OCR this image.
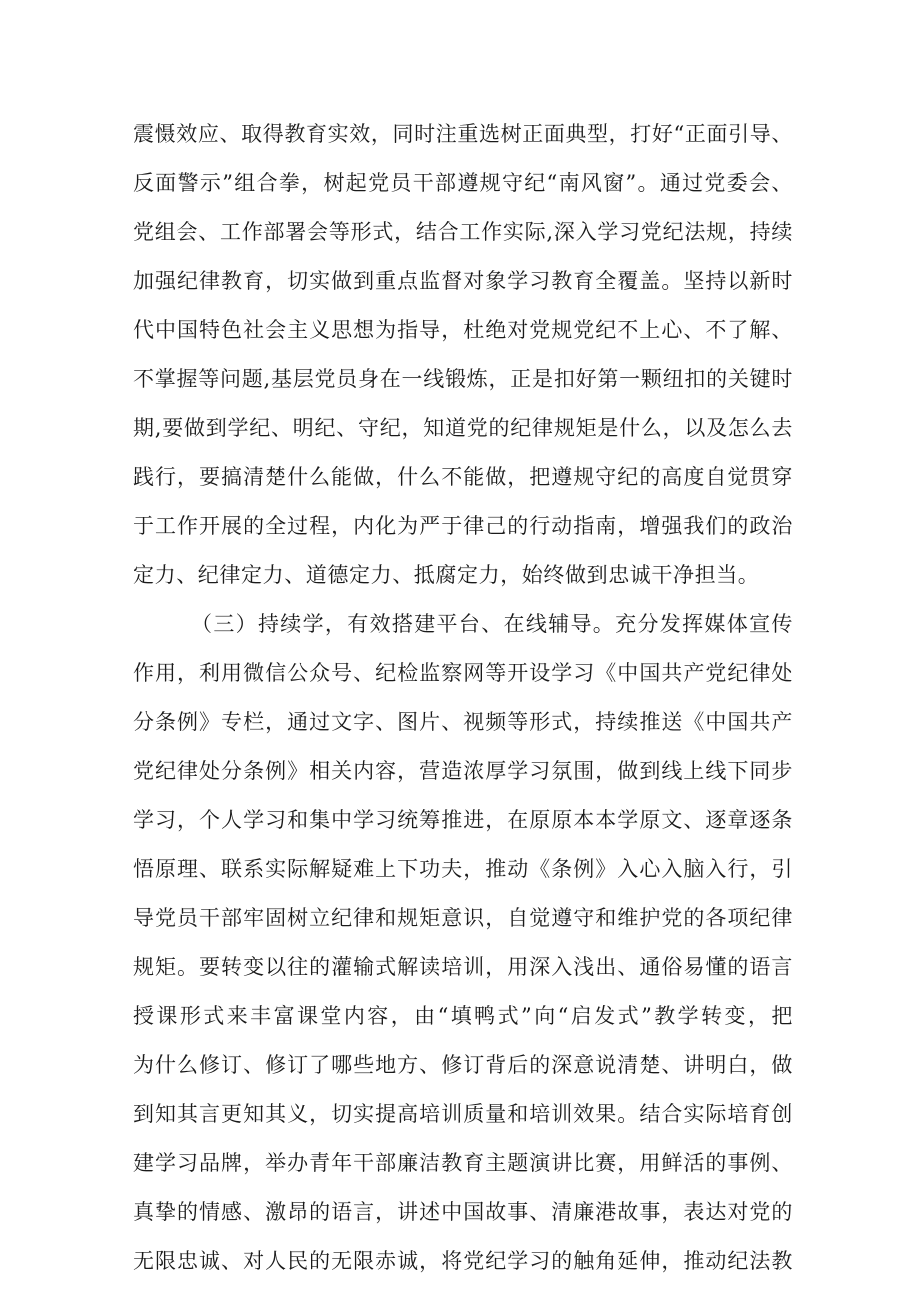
震慑效应、取得教育实效，同时注重选树正面典型，打好“正面引导、
反面警示”组合拳，树起党员干部遵规守纪“南风窗”。通过党委会、
党组会、工作部署会等形式，结合工作实际,深入学习党纪法规，持续
加强纪律教育，切实做到重点监督对象学习教育全覆盖。坚持以新时
代中国特色社会主义思想为指导，杜绝对党规党纪不上心、不了解、
不掌握等问题,基层党员身在一线锻炼，正是扣好第一颗纽扣的关键时
期,要做到学纪、明纪、守纪，知道党的纪律规矩是什么，以及怎么去
践行，要搞清楚什么能做，什么不能做，把遵规守纪的高度自觉贯穿
于工作开展的全过程，内化为严于律己的行动指南，增强我们的政治
定力、纪律定力、道德定力、抵腐定力，始终做到忠诚干净担当。
（三）持续学，有效搭建平台、在线辅导。充分发挥媒体宣传
作用，利用微信公众号、纪检监察网等开设学习《中国共产党纪律处
分条例》专栏，通过文字、图片、视频等形式，持续推送《中国共产
党纪律处分条例》相关内容，营造浓厚学习氛围，做到线上线下同步
学习，个人学习和集中学习统筹推进，在原原本本学原文、逐章逐条
悟原理、联系实际解疑难上下功夫，推动《条例》入心入脑入行，引
导党员干部牢固树立纪律和规矩意识，自觉遵守和维护党的各项纪律
规矩。要转变以往的灌输式解读培训，用深入浅出、通俗易懂的语言
授课形式来丰富课堂内容，由“填鸭式”向“启发式”教学转变，把
为什么修订、修订了哪些地方、修订背后的深意说清楚、讲明白，做
到知其言更知其义，切实提高培训质量和培训效果。结合实际培育创
建学习品牌，举办青年干部廉洁教育主题演讲比赛，用鲜活的事例、
真挚的情感、激昂的语言，讲述中国故事、清廉港故事，表达对党的
无限忠诚、对人民的无限赤诚，将党纪学习的触角延伸，推动纪法教
